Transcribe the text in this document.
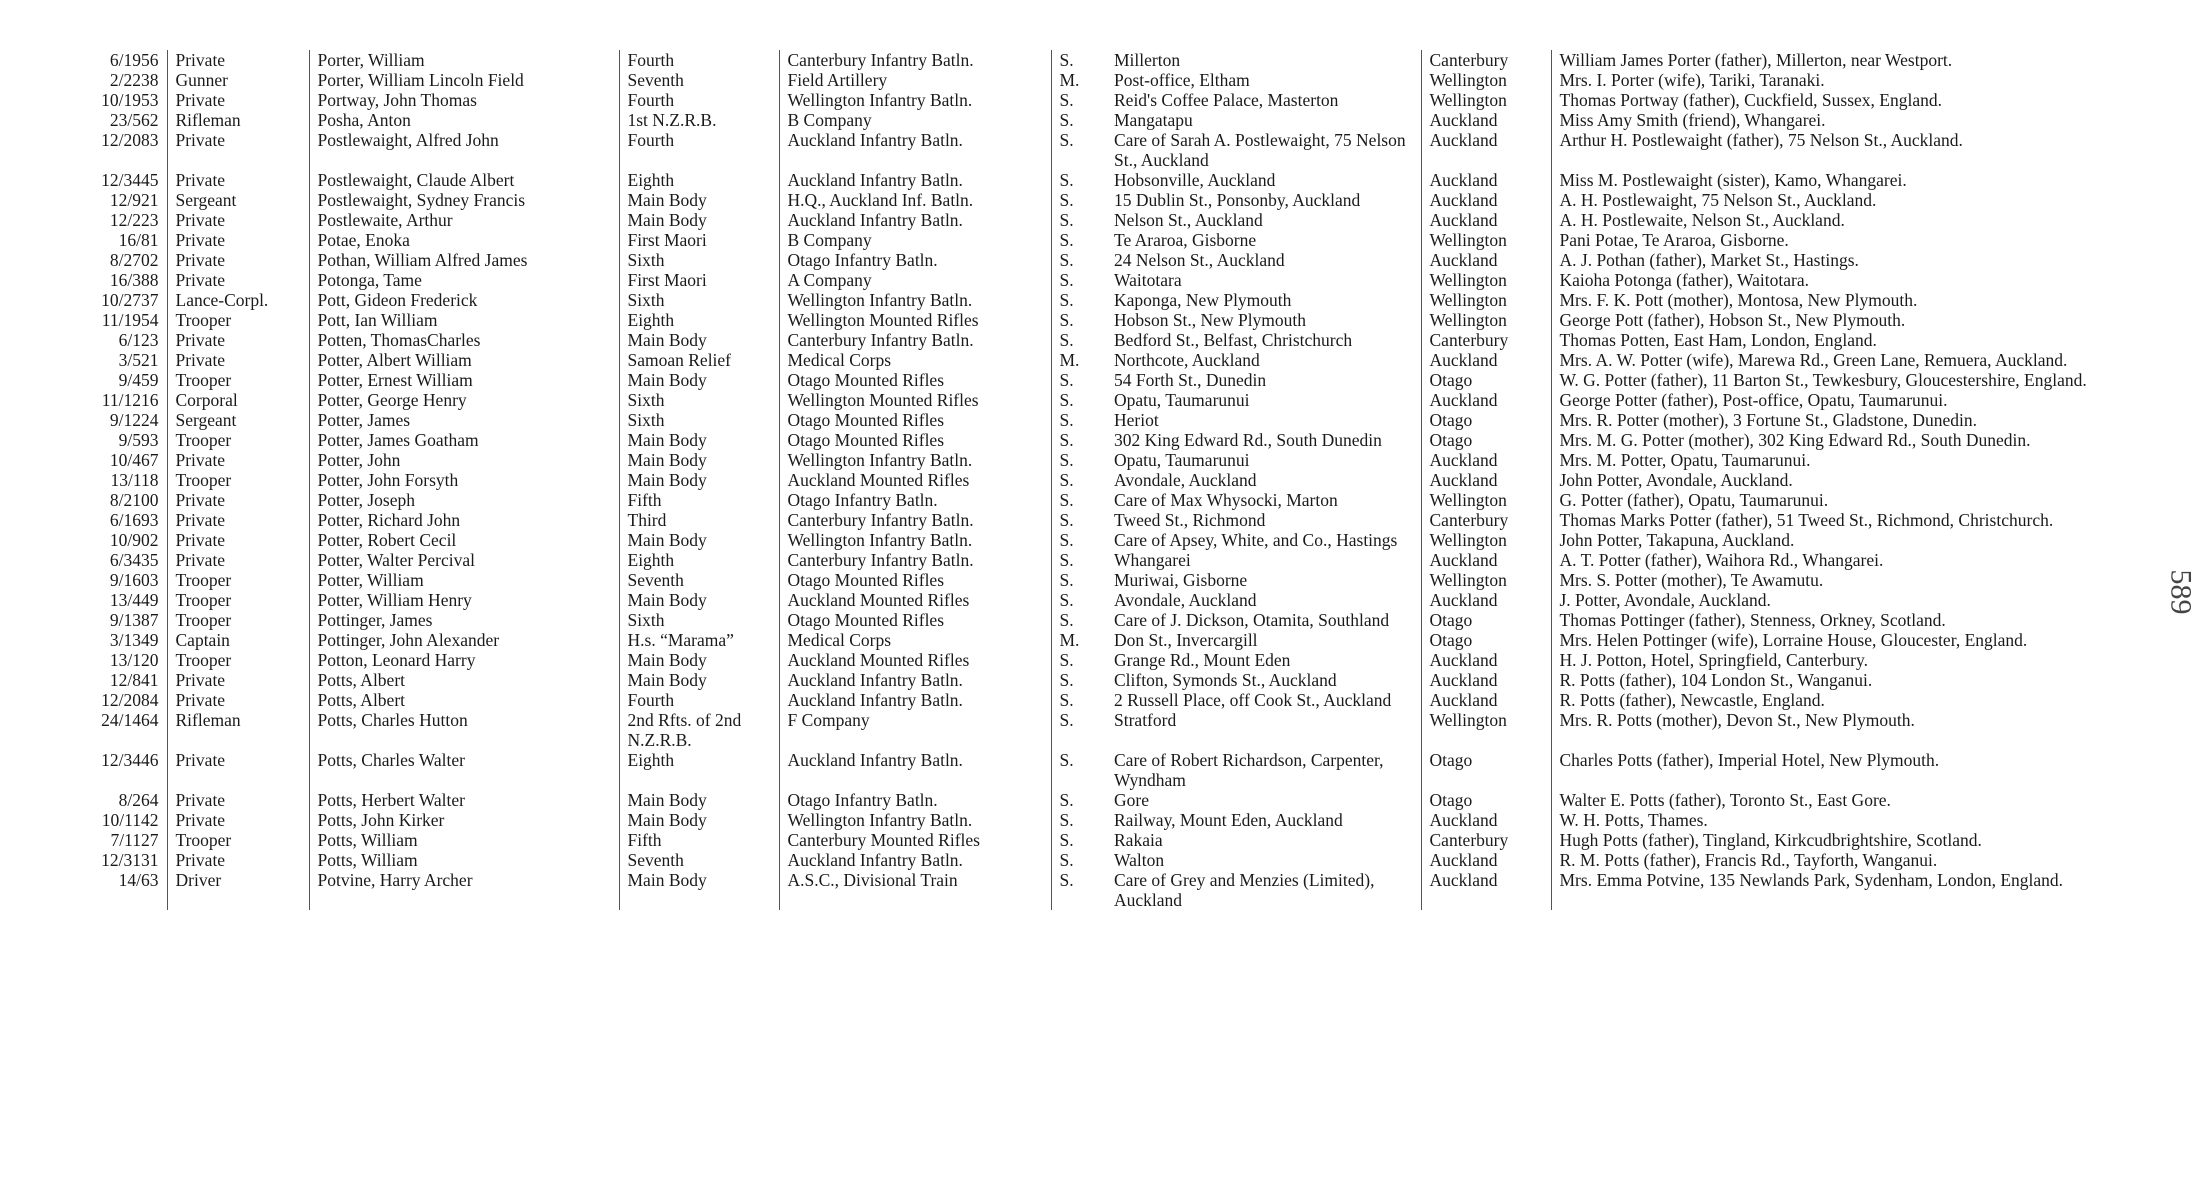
6/1956	Private	Porter, William	Fourth	Canterbury Infantry Batln.	S.	Millerton	Canterbury	William James Porter (father), Millerton, near Westport.
2/2238	Gunner	Porter, William Lincoln Field	Seventh	Field Artillery	M.	Post-office, Eltham	Wellington	Mrs. I. Porter (wife), Tariki, Taranaki.
10/1953	Private	Portway, John Thomas	Fourth	Wellington Infantry Batln.	S.	Reid's Coffee Palace, Masterton	Wellington	Thomas Portway (father), Cuckfield, Sussex, England.
23/562	Rifleman	Posha, Anton	1st N.Z.R.B.	B Company	S.	Mangatapu	Auckland	Miss Amy Smith (friend), Whangarei.
12/2083	Private	Postlewaight, Alfred John	Fourth	Auckland Infantry Batln.	S.	Care of Sarah A. Postlewaight, 75 Nelson St., Auckland	Auckland	Arthur H. Postlewaight (father), 75 Nelson St., Auckland.
12/3445	Private	Postlewaight, Claude Albert	Eighth	Auckland Infantry Batln.	S.	Hobsonville, Auckland	Auckland	Miss M. Postlewaight (sister), Kamo, Whangarei.
12/921	Sergeant	Postlewaight, Sydney Francis	Main Body	H.Q., Auckland Inf. Batln.	S.	15 Dublin St., Ponsonby, Auckland	Auckland	A. H. Postlewaight, 75 Nelson St., Auckland.
12/223	Private	Postlewaite, Arthur	Main Body	Auckland Infantry Batln.	S.	Nelson St., Auckland	Auckland	A. H. Postlewaite, Nelson St., Auckland.
16/81	Private	Potae, Enoka	First Maori	B Company	S.	Te Araroa, Gisborne	Wellington	Pani Potae, Te Araroa, Gisborne.
8/2702	Private	Pothan, William Alfred James	Sixth	Otago Infantry Batln.	S.	24 Nelson St., Auckland	Auckland	A. J. Pothan (father), Market St., Hastings.
16/388	Private	Potonga, Tame	First Maori	A Company	S.	Waitotara	Wellington	Kaioha Potonga (father), Waitotara.
10/2737	Lance-Corpl.	Pott, Gideon Frederick	Sixth	Wellington Infantry Batln.	S.	Kaponga, New Plymouth	Wellington	Mrs. F. K. Pott (mother), Montosa, New Plymouth.
11/1954	Trooper	Pott, Ian William	Eighth	Wellington Mounted Rifles	S.	Hobson St., New Plymouth	Wellington	George Pott (father), Hobson St., New Plymouth.
6/123	Private	Potten, ThomasCharles	Main Body	Canterbury Infantry Batln.	S.	Bedford St., Belfast, Christchurch	Canterbury	Thomas Potten, East Ham, London, England.
3/521	Private	Potter, Albert William	Samoan Relief	Medical Corps	M.	Northcote, Auckland	Auckland	Mrs. A. W. Potter (wife), Marewa Rd., Green Lane, Remuera, Auckland.
9/459	Trooper	Potter, Ernest William	Main Body	Otago Mounted Rifles	S.	54 Forth St., Dunedin	Otago	W. G. Potter (father), 11 Barton St., Tewkesbury, Gloucestershire, England.
11/1216	Corporal	Potter, George Henry	Sixth	Wellington Mounted Rifles	S.	Opatu, Taumarunui	Auckland	George Potter (father), Post-office, Opatu, Taumarunui.
9/1224	Sergeant	Potter, James	Sixth	Otago Mounted Rifles	S.	Heriot	Otago	Mrs. R. Potter (mother), 3 Fortune St., Gladstone, Dunedin.
9/593	Trooper	Potter, James Goatham	Main Body	Otago Mounted Rifles	S.	302 King Edward Rd., South Dunedin	Otago	Mrs. M. G. Potter (mother), 302 King Edward Rd., South Dunedin.
10/467	Private	Potter, John	Main Body	Wellington Infantry Batln.	S.	Opatu, Taumarunui	Auckland	Mrs. M. Potter, Opatu, Taumarunui.
13/118	Trooper	Potter, John Forsyth	Main Body	Auckland Mounted Rifles	S.	Avondale, Auckland	Auckland	John Potter, Avondale, Auckland.
8/2100	Private	Potter, Joseph	Fifth	Otago Infantry Batln.	S.	Care of Max Whysocki, Marton	Wellington	G. Potter (father), Opatu, Taumarunui.
6/1693	Private	Potter, Richard John	Third	Canterbury Infantry Batln.	S.	Tweed St., Richmond	Canterbury	Thomas Marks Potter (father), 51 Tweed St., Richmond, Christchurch.
10/902	Private	Potter, Robert Cecil	Main Body	Wellington Infantry Batln.	S.	Care of Apsey, White, and Co., Hastings	Wellington	John Potter, Takapuna, Auckland.
6/3435	Private	Potter, Walter Percival	Eighth	Canterbury Infantry Batln.	S.	Whangarei	Auckland	A. T. Potter (father), Waihora Rd., Whangarei.
9/1603	Trooper	Potter, William	Seventh	Otago Mounted Rifles	S.	Muriwai, Gisborne	Wellington	Mrs. S. Potter (mother), Te Awamutu.
13/449	Trooper	Potter, William Henry	Main Body	Auckland Mounted Rifles	S.	Avondale, Auckland	Auckland	J. Potter, Avondale, Auckland.
9/1387	Trooper	Pottinger, James	Sixth	Otago Mounted Rifles	S.	Care of J. Dickson, Otamita, Southland	Otago	Thomas Pottinger (father), Stenness, Orkney, Scotland.
3/1349	Captain	Pottinger, John Alexander	H.s. “Marama”	Medical Corps	M.	Don St., Invercargill	Otago	Mrs. Helen Pottinger (wife), Lorraine House, Gloucester, England.
13/120	Trooper	Potton, Leonard Harry	Main Body	Auckland Mounted Rifles	S.	Grange Rd., Mount Eden	Auckland	H. J. Potton, Hotel, Springfield, Canterbury.
12/841	Private	Potts, Albert	Main Body	Auckland Infantry Batln.	S.	Clifton, Symonds St., Auckland	Auckland	R. Potts (father), 104 London St., Wanganui.
12/2084	Private	Potts, Albert	Fourth	Auckland Infantry Batln.	S.	2 Russell Place, off Cook St., Auckland	Auckland	R. Potts (father), Newcastle, England.
24/1464	Rifleman	Potts, Charles Hutton	2nd Rfts. of 2nd N.Z.R.B.	F Company	S.	Stratford	Wellington	Mrs. R. Potts (mother), Devon St., New Plymouth.
12/3446	Private	Potts, Charles Walter	Eighth	Auckland Infantry Batln.	S.	Care of Robert Richardson, Carpenter, Wyndham	Otago	Charles Potts (father), Imperial Hotel, New Plymouth.
8/264	Private	Potts, Herbert Walter	Main Body	Otago Infantry Batln.	S.	Gore	Otago	Walter E. Potts (father), Toronto St., East Gore.
10/1142	Private	Potts, John Kirker	Main Body	Wellington Infantry Batln.	S.	Railway, Mount Eden, Auckland	Auckland	W. H. Potts, Thames.
7/1127	Trooper	Potts, William	Fifth	Canterbury Mounted Rifles	S.	Rakaia	Canterbury	Hugh Potts (father), Tingland, Kirkcudbrightshire, Scotland.
12/3131	Private	Potts, William	Seventh	Auckland Infantry Batln.	S.	Walton	Auckland	R. M. Potts (father), Francis Rd., Tayforth, Wanganui.
14/63	Driver	Potvine, Harry Archer	Main Body	A.S.C., Divisional Train	S.	Care of Grey and Menzies (Limited), Auckland	Auckland	Mrs. Emma Potvine, 135 Newlands Park, Sydenham, London, England.
589
